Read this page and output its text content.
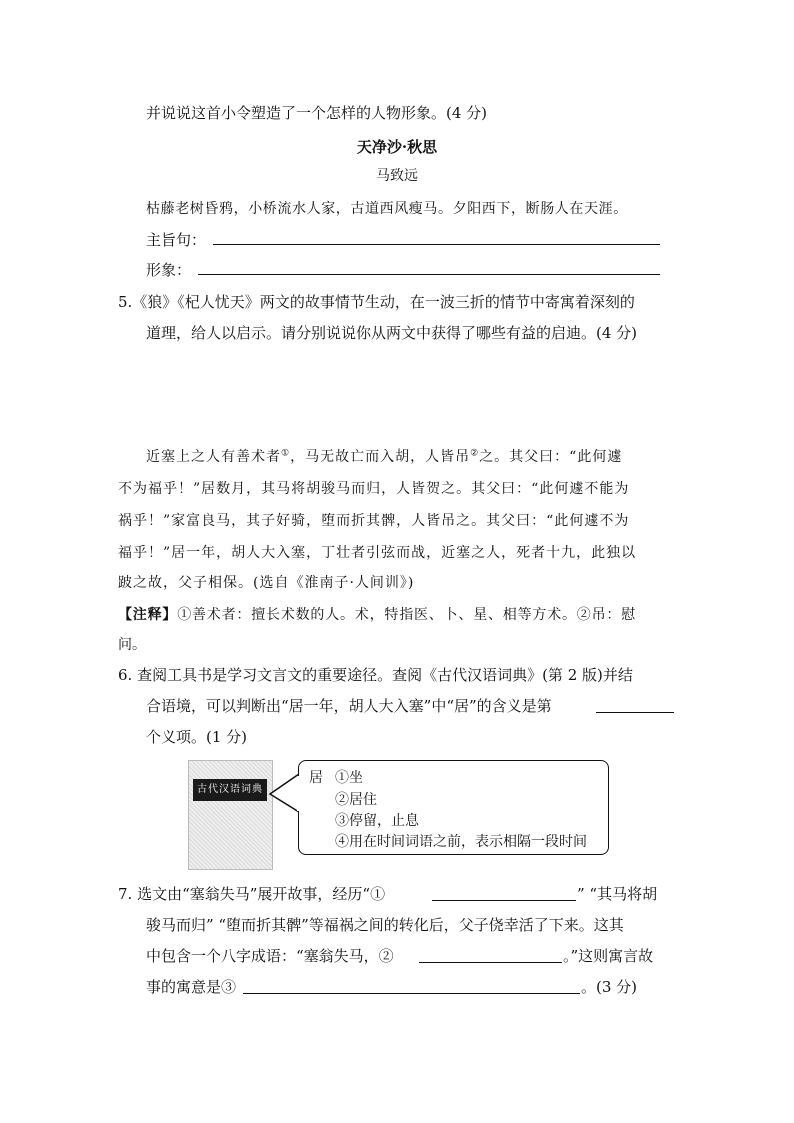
并说说这首小令塑造了一个怎样的人物形象。(4 分)
天净沙·秋思
马致远
枯藤老树昏鸦，小桥流水人家，古道西风瘦马。夕阳西下，断肠人在天涯。
主旨句：
形象：
5.《狼》《杞人忧天》两文的故事情节生动，在一波三折的情节中寄寓着深刻的
道理，给人以启示。请分别说说你从两文中获得了哪些有益的启迪。(4 分)
近塞上之人有善术者①，马无故亡而入胡，人皆吊②之。其父曰：“此何遽
不为福乎！”居数月，其马将胡骏马而归，人皆贺之。其父曰：“此何遽不能为
祸乎！”家富良马，其子好骑，堕而折其髀，人皆吊之。其父曰：“此何遽不为
福乎！”居一年，胡人大入塞，丁壮者引弦而战，近塞之人，死者十九，此独以
跛之故，父子相保。(选自《淮南子·人间训》)
【注释】①善术者：擅长术数的人。术，特指医、卜、星、相等方术。②吊：慰
问。
6. 查阅工具书是学习文言文的重要途径。查阅《古代汉语词典》(第 2 版)并结
合语境，可以判断出“居一年，胡人大入塞”中“居”的含义是第
个义项。(1 分)
古代汉语词典
居 ①坐
②居住
③停留，止息
④用在时间词语之前，表示相隔一段时间
7. 选文由“塞翁失马”展开故事，经历“①	” “其马将胡
骏马而归” “堕而折其髀”等福祸之间的转化后，父子侥幸活了下来。这其
中包含一个八字成语：“塞翁失马，②	。”这则寓言故
事的寓意是③	。(3 分)
